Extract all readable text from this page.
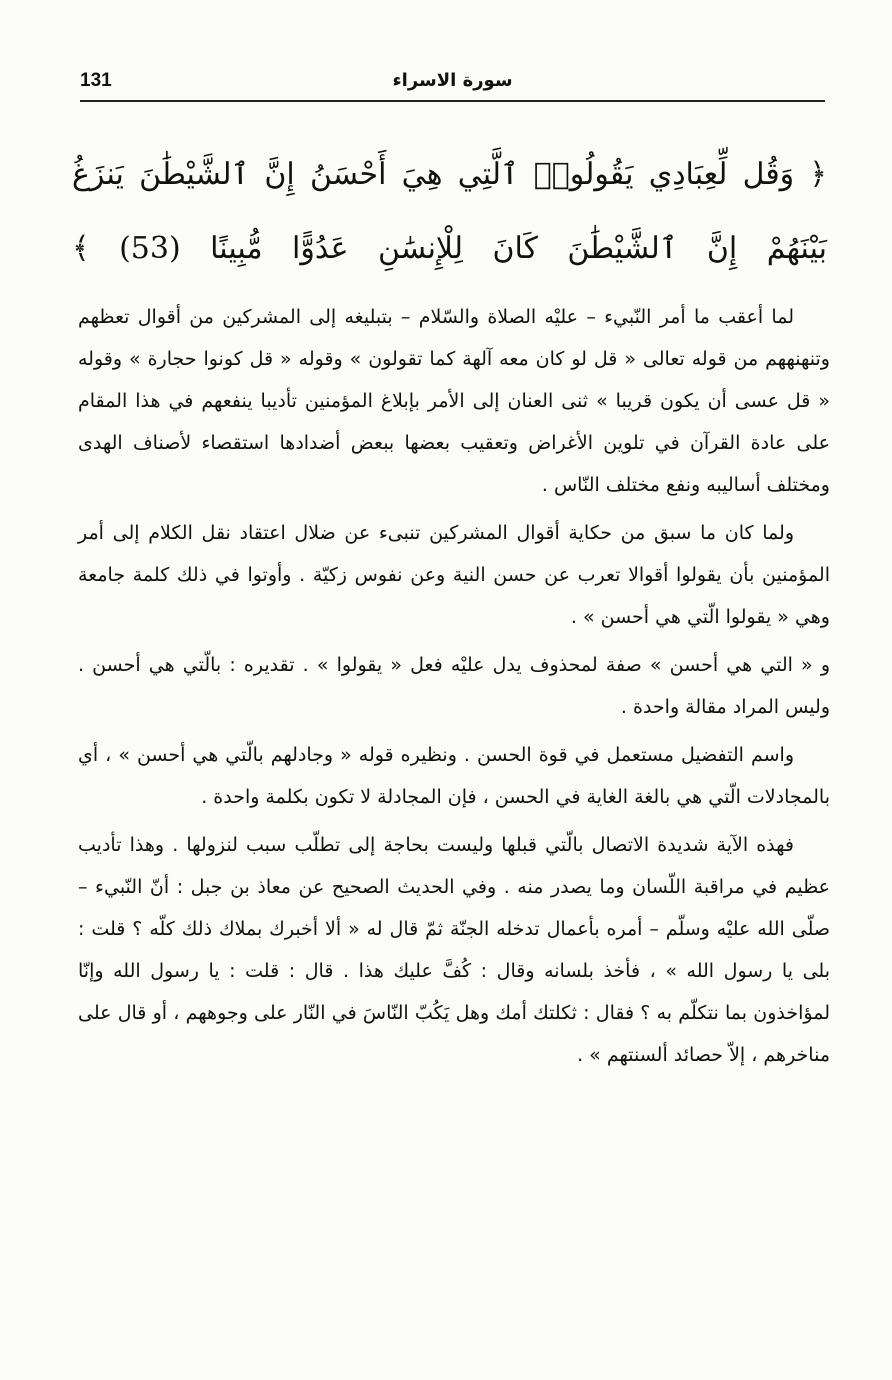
131	سورة الاسراء
﴿ وَقُل لِّعِبَادِي يَقُولُوا۟ ٱلَّتِي هِيَ أَحْسَنُ إِنَّ ٱلشَّيْطَٰنَ يَنزَغُ بَيْنَهُمْ إِنَّ ٱلشَّيْطَٰنَ كَانَ لِلْإِنسَٰنِ عَدُوًّا مُّبِينًا (53) ﴾

لما أعقب ما أمر النّبيء – عليْه الصلاة والسّلام – بتبليغه إلى المشركين من أقوال تعظهم وتنهنههم من قوله تعالى « قل لو كان معه آلهة كما تقولون » وقوله « قل كونوا حجارة » وقوله « قل عسى أن يكون قريبا » ثنى العنان إلى الأمر بإبلاغ المؤمنين تأديبا ينفعهم في هذا المقام على عادة القرآن في تلوين الأغراض وتعقيب بعضها ببعض أضدادها استقصاء لأصناف الهدى ومختلف أساليبه ونفع مختلف النّاس .

ولما كان ما سبق من حكاية أقوال المشركين تنبىء عن ضلال اعتقاد نقل الكلام إلى أمر المؤمنين بأن يقولوا أقوالا تعرب عن حسن النية وعن نفوس زكيّة . وأوتوا في ذلك كلمة جامعة وهي « يقولوا الّتي هي أحسن » .

و « التي هي أحسن » صفة لمحذوف يدل عليْه فعل « يقولوا » . تقديره : بالّتي هي أحسن . وليس المراد مقالة واحدة .

واسم التفضيل مستعمل في قوة الحسن . ونظيره قوله « وجادلهم بالّتي هي أحسن » ، أي بالمجادلات الّتي هي بالغة الغاية في الحسن ، فإن المجادلة لا تكون بكلمة واحدة .

فهذه الآية شديدة الاتصال بالّتي قبلها وليست بحاجة إلى تطلّب سبب لنزولها . وهذا تأديب عظيم في مراقبة اللّسان وما يصدر منه . وفي الحديث الصحيح عن معاذ بن جبل : أنّ النّبيء – صلّى الله عليْه وسلّم – أمره بأعمال تدخله الجنّة ثمّ قال له « ألا أخبرك بملاك ذلك كلّه ؟ قلت : بلى يا رسول الله » ، فأخذ بلسانه وقال : كُفَّ عليك هذا . قال : قلت : يا رسول الله وإنّا لمؤاخذون بما نتكلّم به ؟ فقال : ثكلتك أمك وهل يَكُبّ النّاسَ في النّار على وجوههم ، أو قال على مناخرهم ، إلاّ حصائد ألسنتهم » .
